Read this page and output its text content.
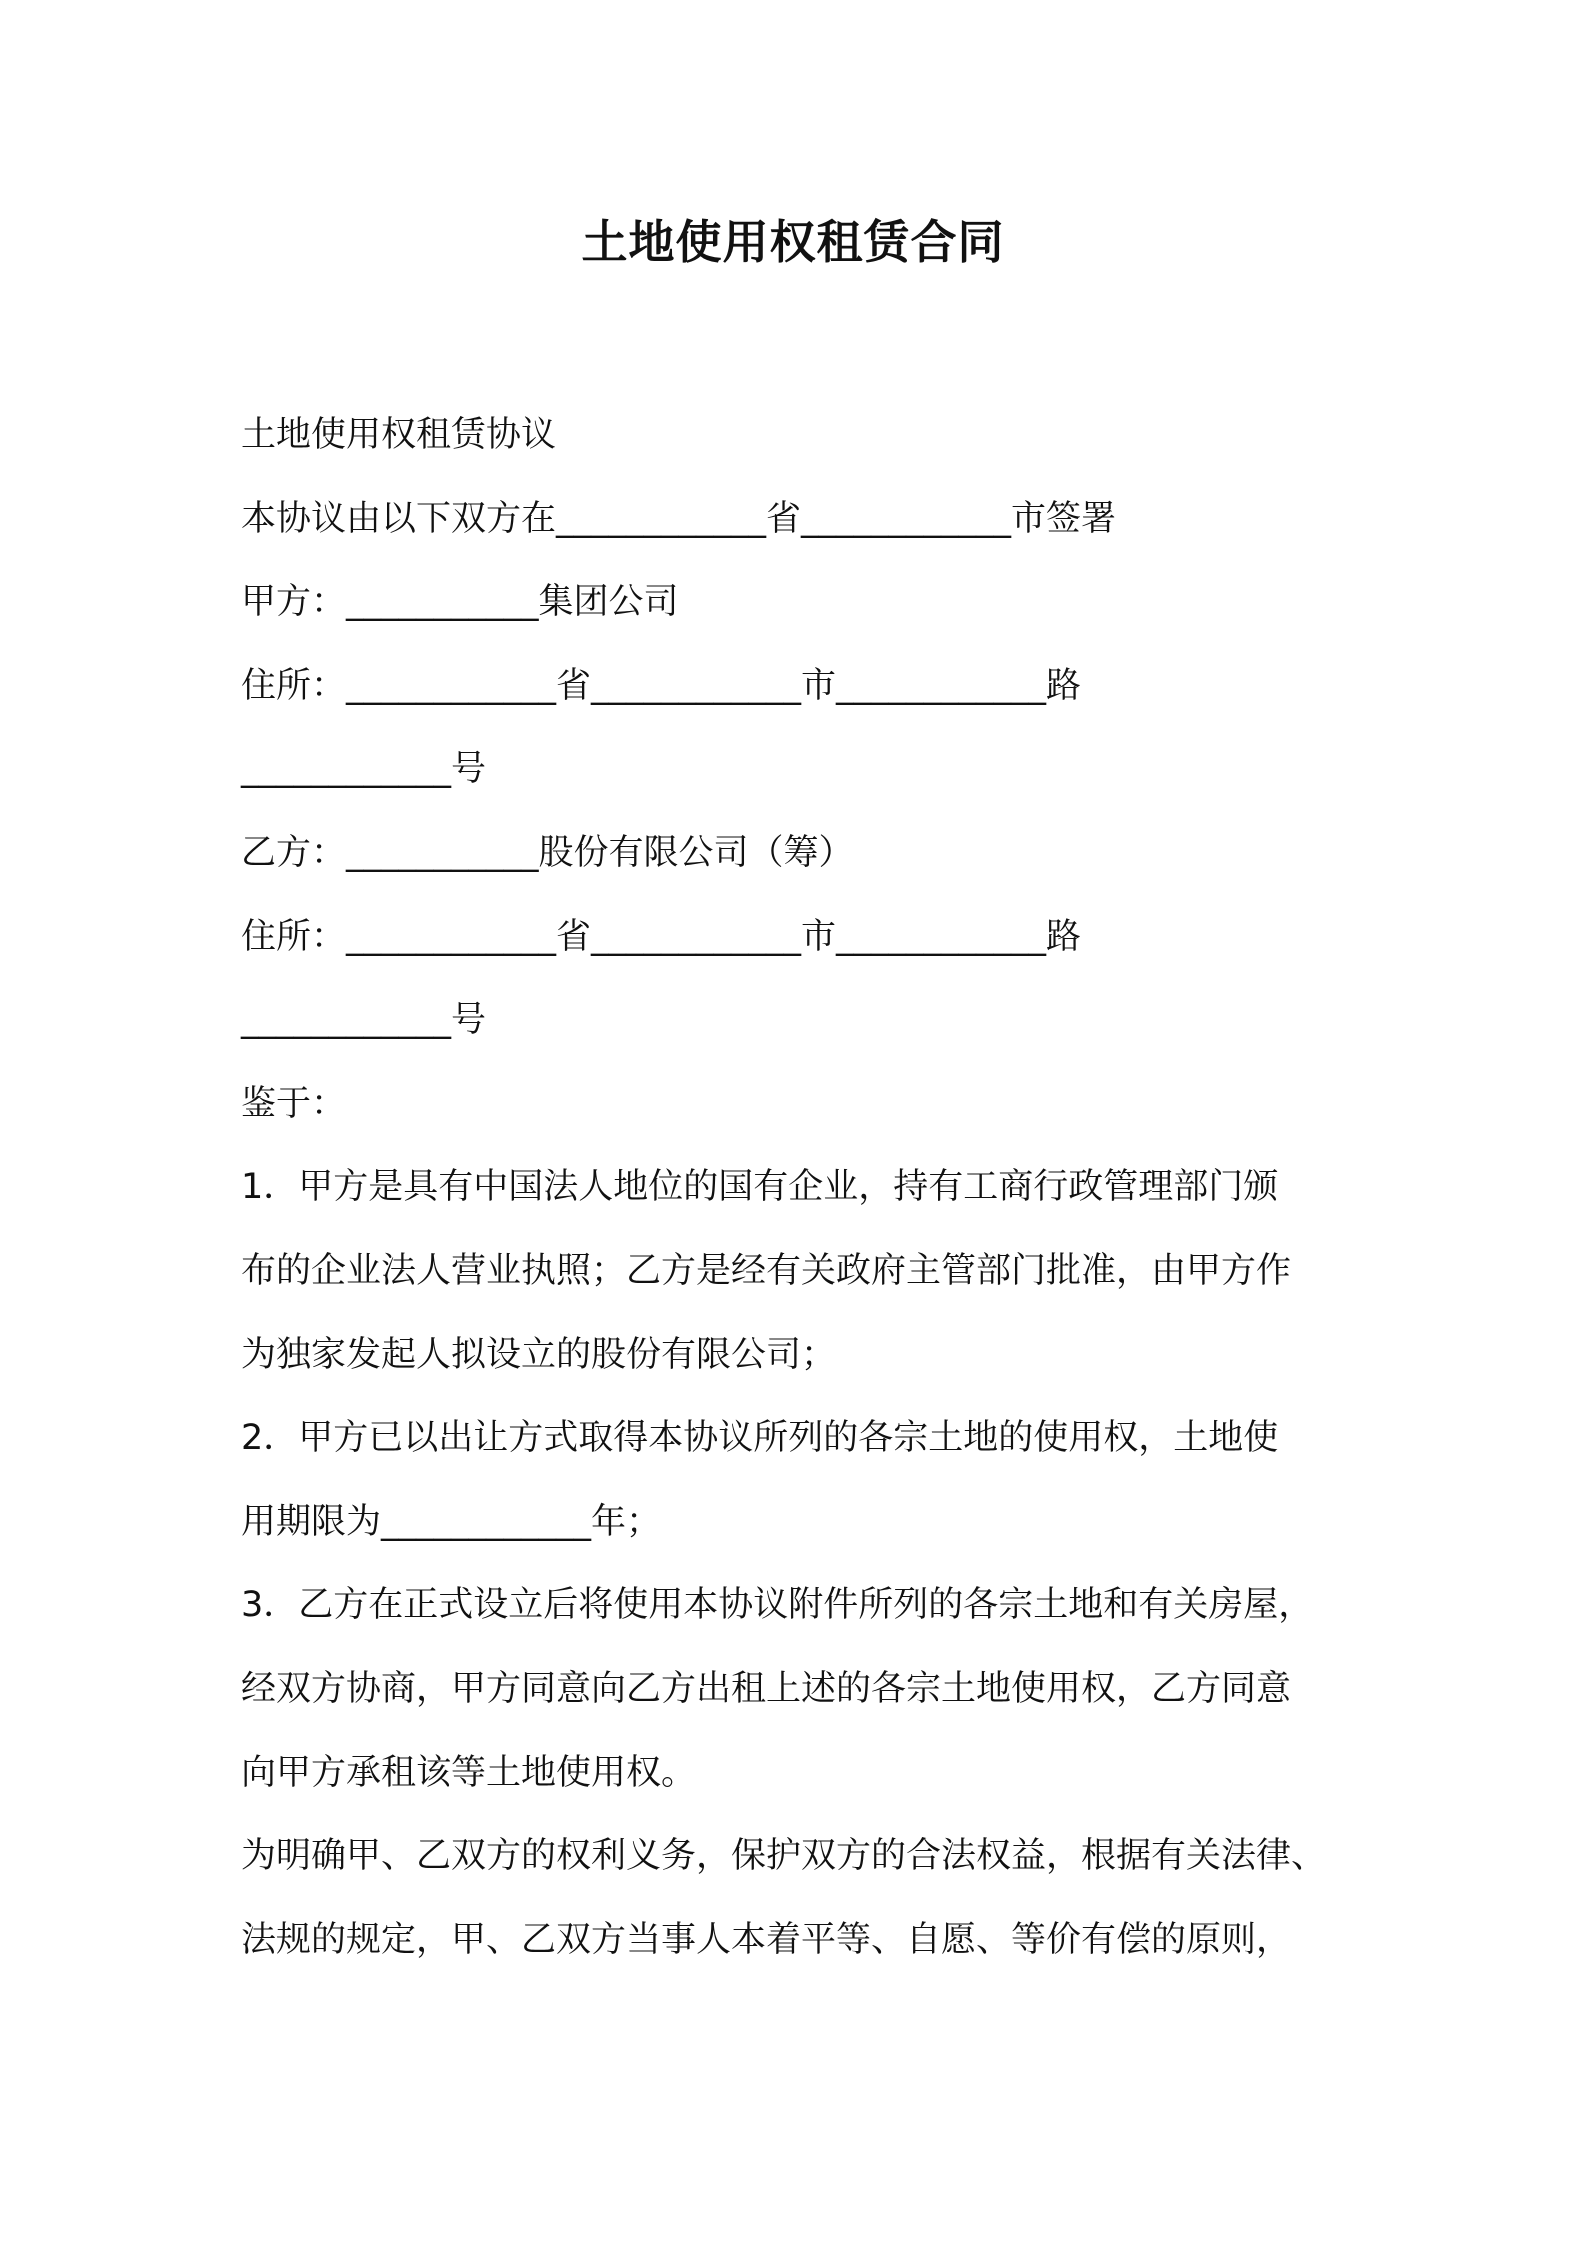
土地使用权租赁合同

土地使用权租赁协议

本协议由以下双方在____________省____________市签署

甲方：___________集团公司

住所：____________省____________市____________路

____________号

乙方：___________股份有限公司（筹）

住所：____________省____________市____________路

____________号

鉴于：

1．甲方是具有中国法人地位的国有企业，持有工商行政管理部门颁

布的企业法人营业执照；乙方是经有关政府主管部门批准，由甲方作

为独家发起人拟设立的股份有限公司；

2．甲方已以出让方式取得本协议所列的各宗土地的使用权，土地使

用期限为____________年；

3．乙方在正式设立后将使用本协议附件所列的各宗土地和有关房屋，

经双方协商，甲方同意向乙方出租上述的各宗土地使用权，乙方同意

向甲方承租该等土地使用权。

为明确甲、乙双方的权利义务，保护双方的合法权益，根据有关法律、

法规的规定，甲、乙双方当事人本着平等、自愿、等价有偿的原则，
